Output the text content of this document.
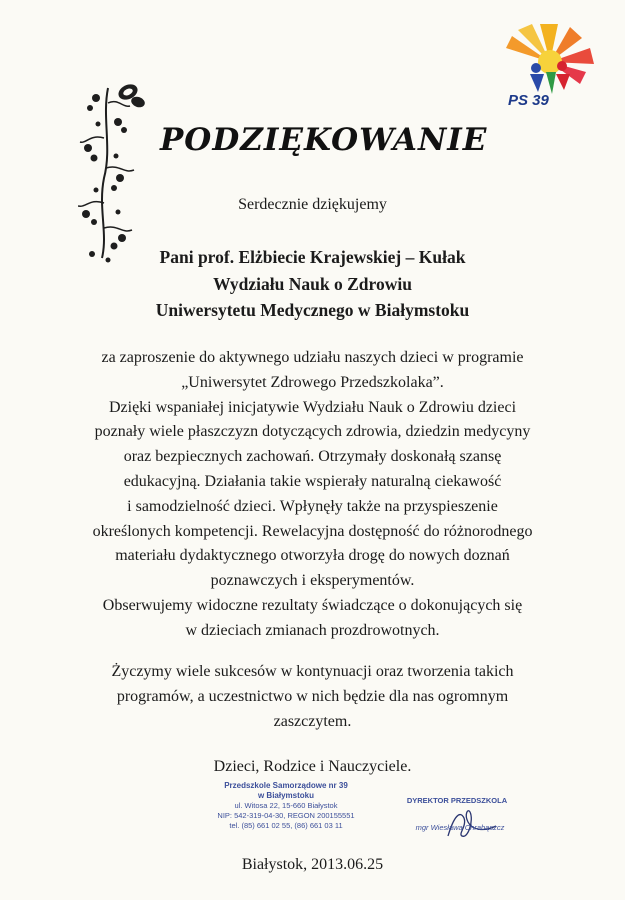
PS 39
PODZIĘKOWANIE
Serdecznie dziękujemy
Pani prof. Elżbiecie Krajewskiej – Kułak
Wydziału Nauk o Zdrowiu
Uniwersytetu Medycznego w Białymstoku
za zaproszenie do aktywnego udziału naszych dzieci w programie
„Uniwersytet Zdrowego Przedszkolaka”.
Dzięki wspaniałej inicjatywie Wydziału Nauk o Zdrowiu dzieci
poznały wiele płaszczyzn dotyczących zdrowia, dziedzin medycyny
oraz bezpiecznych zachowań. Otrzymały doskonałą szansę
edukacyjną. Działania takie wspierały naturalną ciekawość
i samodzielność dzieci. Wpłynęły także na przyspieszenie
określonych kompetencji. Rewelacyjna dostępność do różnorodnego
materiału dydaktycznego otworzyła drogę do nowych doznań
poznawczych i eksperymentów.
Obserwujemy widoczne rezultaty świadczące o dokonujących się
w dzieciach zmianach prozdrowotnych.
Życzymy wiele sukcesów w kontynuacji oraz tworzenia takich
programów, a uczestnictwo w nich będzie dla nas ogromnym
zaszczytem.
Dzieci, Rodzice i Nauczyciele.
Przedszkole Samorządowe nr 39
w Białymstoku
ul. Witosa 22, 15-660 Białystok
NIP: 542-319-04-30, REGON 200155551
tel. (85) 661 02 55, (86) 661 03 11
DYREKTOR PRZEDSZKOLA
mgr Wiesława Chrabąszcz
Białystok, 2013.06.25
